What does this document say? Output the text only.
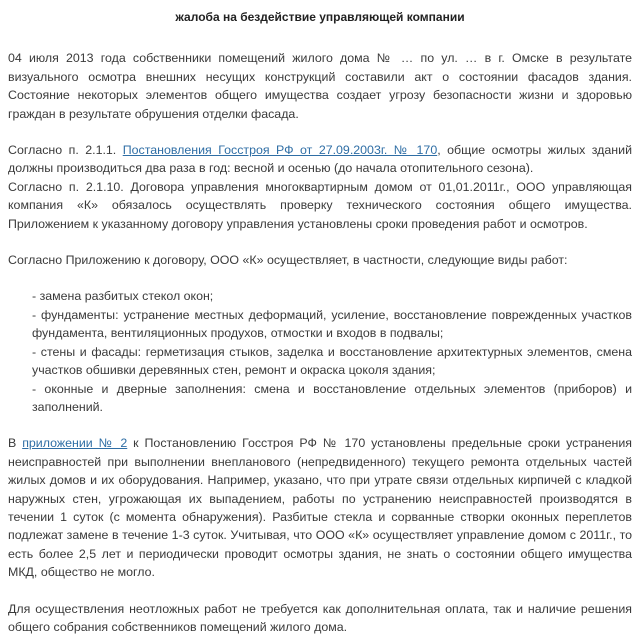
жалоба на бездействие управляющей компании

04 июля 2013 года собственники помещений жилого дома № … по ул. … в г. Омске в результате визуального осмотра внешних несущих конструкций составили акт о состоянии фасадов здания. Состояние некоторых элементов общего имущества создает угрозу безопасности жизни и здоровью граждан в результате обрушения отделки фасада.

Согласно п. 2.1.1. Постановления Госстроя РФ от 27.09.2003г. № 170, общие осмотры жилых зданий должны производиться два раза в год: весной и осенью (до начала отопительного сезона).

Согласно п. 2.1.10. Договора управления многоквартирным домом от 01,01.2011г., ООО управляющая компания «К» обязалось осуществлять проверку технического состояния общего имущества. Приложением к указанному договору управления установлены сроки проведения работ и осмотров.

Согласно Приложению к договору, ООО «К» осуществляет, в частности, следующие виды работ:

- замена разбитых стекол окон;
- фундаменты: устранение местных деформаций, усиление, восстановление поврежденных участков фундамента, вентиляционных продухов, отмостки и входов в подвалы;
- стены и фасады: герметизация стыков, заделка и восстановление архитектурных элементов, смена участков обшивки деревянных стен, ремонт и окраска цоколя здания;
- оконные и дверные заполнения: смена и восстановление отдельных элементов (приборов) и заполнений.

В приложении № 2 к Постановлению Госстроя РФ № 170 установлены предельные сроки устранения неисправностей при выполнении внепланового (непредвиденного) текущего ремонта отдельных частей жилых домов и их оборудования. Например, указано, что при утрате связи отдельных кирпичей с кладкой наружных стен, угрожающая их выпадением, работы по устранению неисправностей производятся в течении 1 суток (с момента обнаружения). Разбитые стекла и сорванные створки оконных переплетов подлежат замене в течение 1-3 суток. Учитывая, что ООО «К» осуществляет управление домом с 2011г., то есть более 2,5 лет и периодически проводит осмотры здания, не знать о состоянии общего имущества МКД, общество не могло.

Для осуществления неотложных работ не требуется как дополнительная оплата, так и наличие решения общего собрания собственников помещений жилого дома.
